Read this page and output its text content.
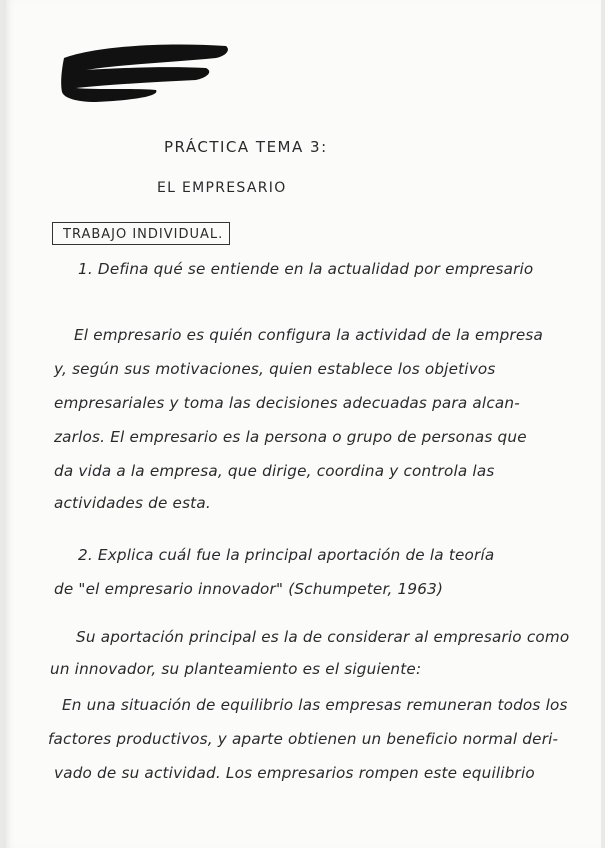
PRÁCTICA TEMA 3:
EL EMPRESARIO
TRABAJO INDIVIDUAL.
1. Defina qué se entiende en la actualidad por empresario
El empresario es quién configura la actividad de la empresa
y, según sus motivaciones, quien establece los objetivos
empresariales y toma las decisiones adecuadas para alcan-
zarlos. El empresario es la persona o grupo de personas que
da vida a la empresa, que dirige, coordina y controla las
actividades de esta.
2. Explica cuál fue la principal aportación de la teoría
de "el empresario innovador" (Schumpeter, 1963)
Su aportación principal es la de considerar al empresario como
un innovador, su planteamiento es el siguiente:
En una situación de equilibrio las empresas remuneran todos los
factores productivos, y aparte obtienen un beneficio normal deri-
vado de su actividad. Los empresarios rompen este equilibrio
